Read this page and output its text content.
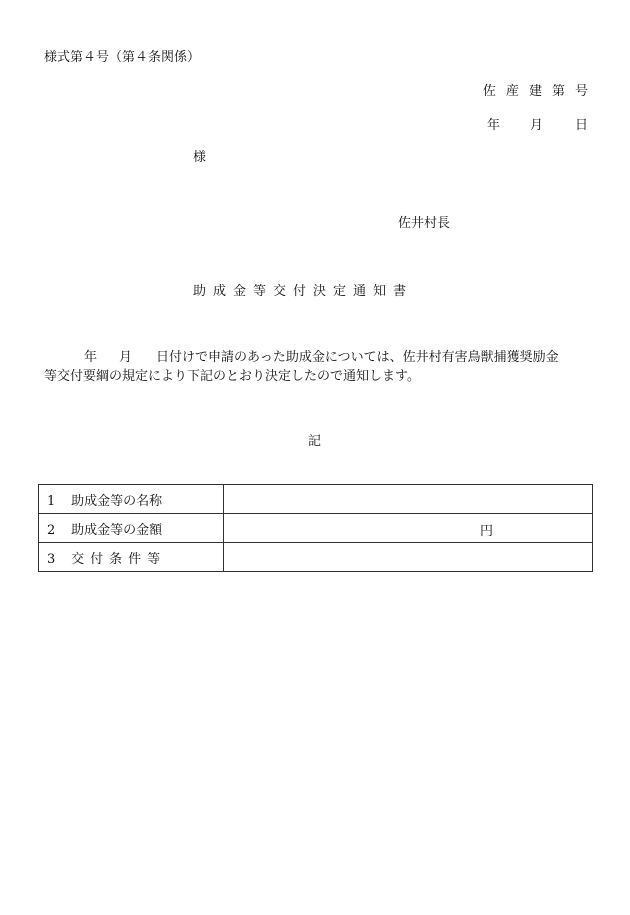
様式第４号（第４条関係）
佐 産 建 第 号
年 月 日
様
佐井村長
助成金等交付決定通知書
年 月 日付けで申請のあった助成金については、佐井村有害鳥獣捕獲奨励金
等交付要綱の規定により下記のとおり決定したので通知します。
記
1 助成金等の名称	
2 助成金等の金額	円

3 交付条件等	
